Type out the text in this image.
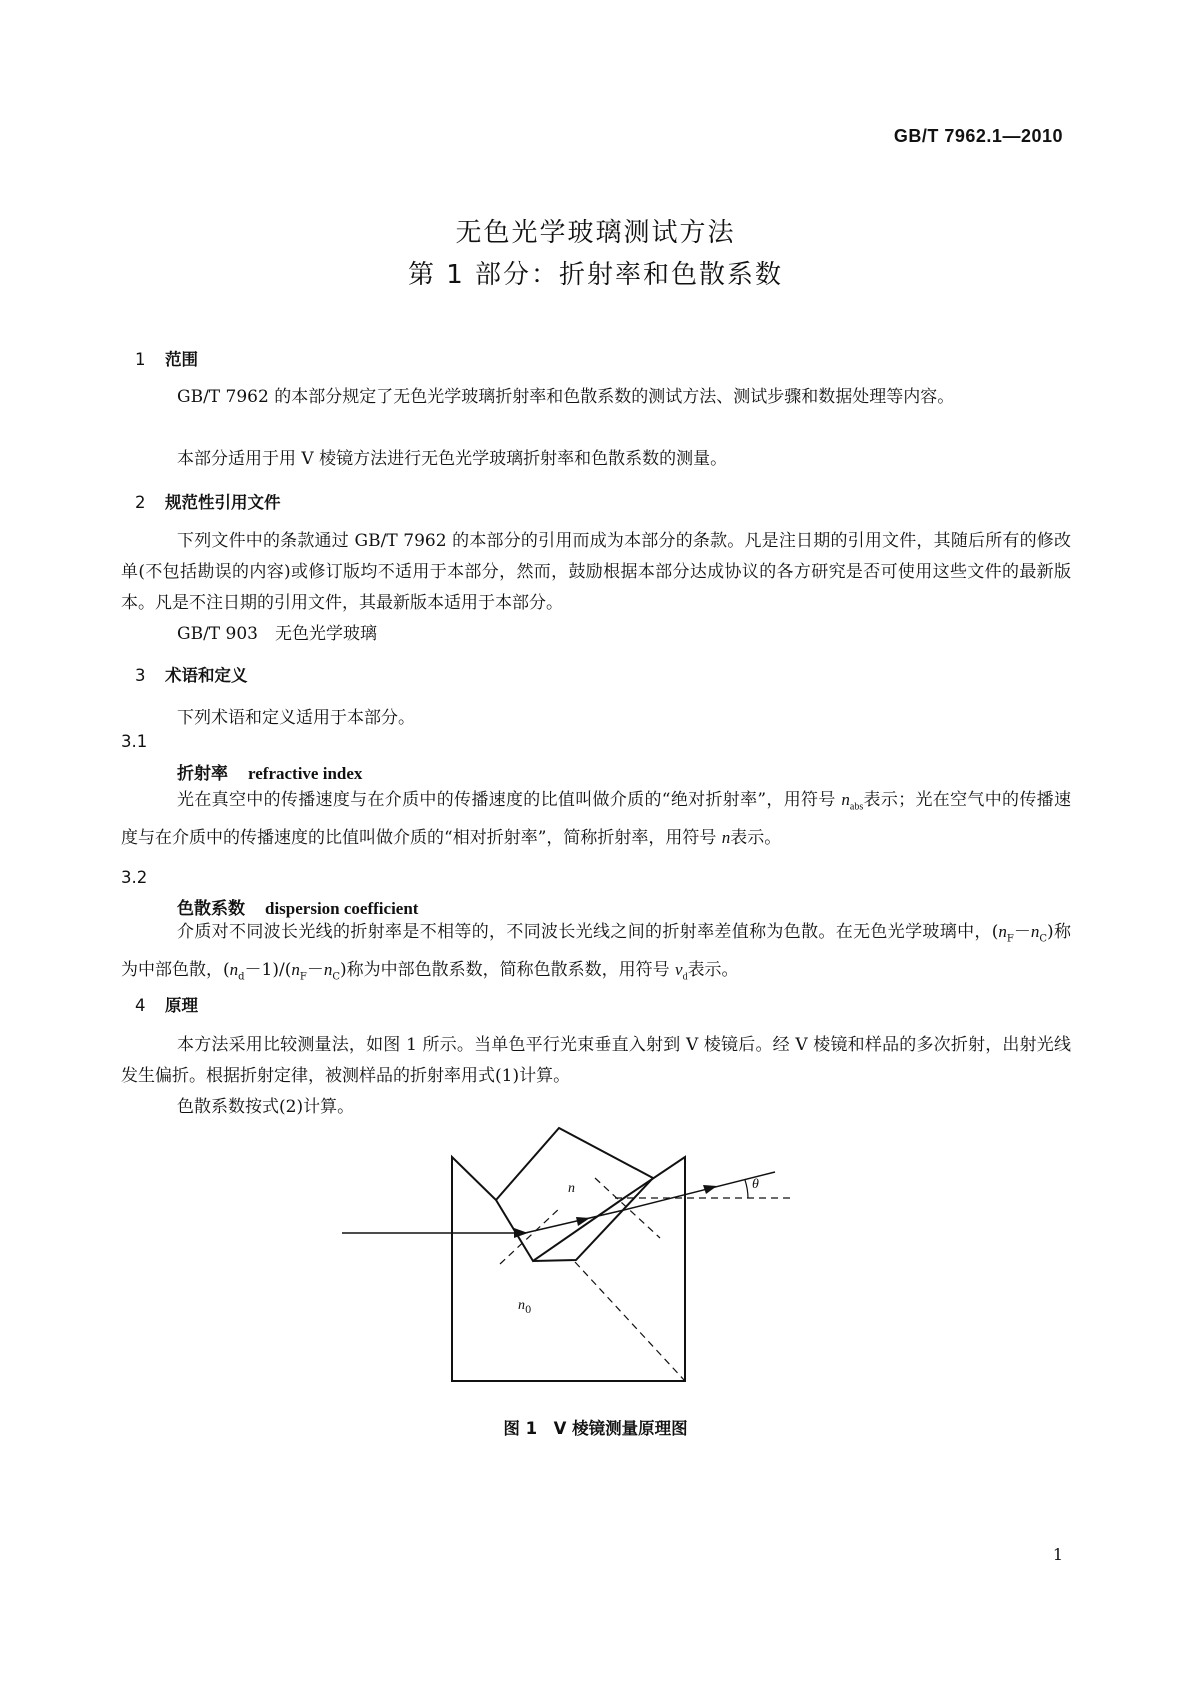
GB/T 7962.1—2010
无色光学玻璃测试方法
第 1 部分：折射率和色散系数
1 范围
GB/T 7962 的本部分规定了无色光学玻璃折射率和色散系数的测试方法、测试步骤和数据处理等内容。
本部分适用于用 V 棱镜方法进行无色光学玻璃折射率和色散系数的测量。
2 规范性引用文件
下列文件中的条款通过 GB/T 7962 的本部分的引用而成为本部分的条款。凡是注日期的引用文件，其随后所有的修改单(不包括勘误的内容)或修订版均不适用于本部分，然而，鼓励根据本部分达成协议的各方研究是否可使用这些文件的最新版本。凡是不注日期的引用文件，其最新版本适用于本部分。
GB/T 903　无色光学玻璃
3 术语和定义
下列术语和定义适用于本部分。
3.1
折射率 refractive index
光在真空中的传播速度与在介质中的传播速度的比值叫做介质的“绝对折射率”，用符号 $n_{abs}$表示；光在空气中的传播速度与在介质中的传播速度的比值叫做介质的“相对折射率”，简称折射率，用符号 n表示。
3.2
色散系数 dispersion coefficient
介质对不同波长光线的折射率是不相等的，不同波长光线之间的折射率差值称为色散。在无色光学玻璃中，$(n_F-n_C)$称为中部色散，$(n_d-1)/(n_F-n_C)$称为中部色散系数，简称色散系数，用符号 $\nu_d$表示。
4 原理
本方法采用比较测量法，如图 1 所示。当单色平行光束垂直入射到 V 棱镜后。经 V 棱镜和样品的多次折射，出射光线发生偏折。根据折射定律，被测样品的折射率用式(1)计算。
色散系数按式(2)计算。
n
$n_0$
θ
图 1　V 棱镜测量原理图
1
